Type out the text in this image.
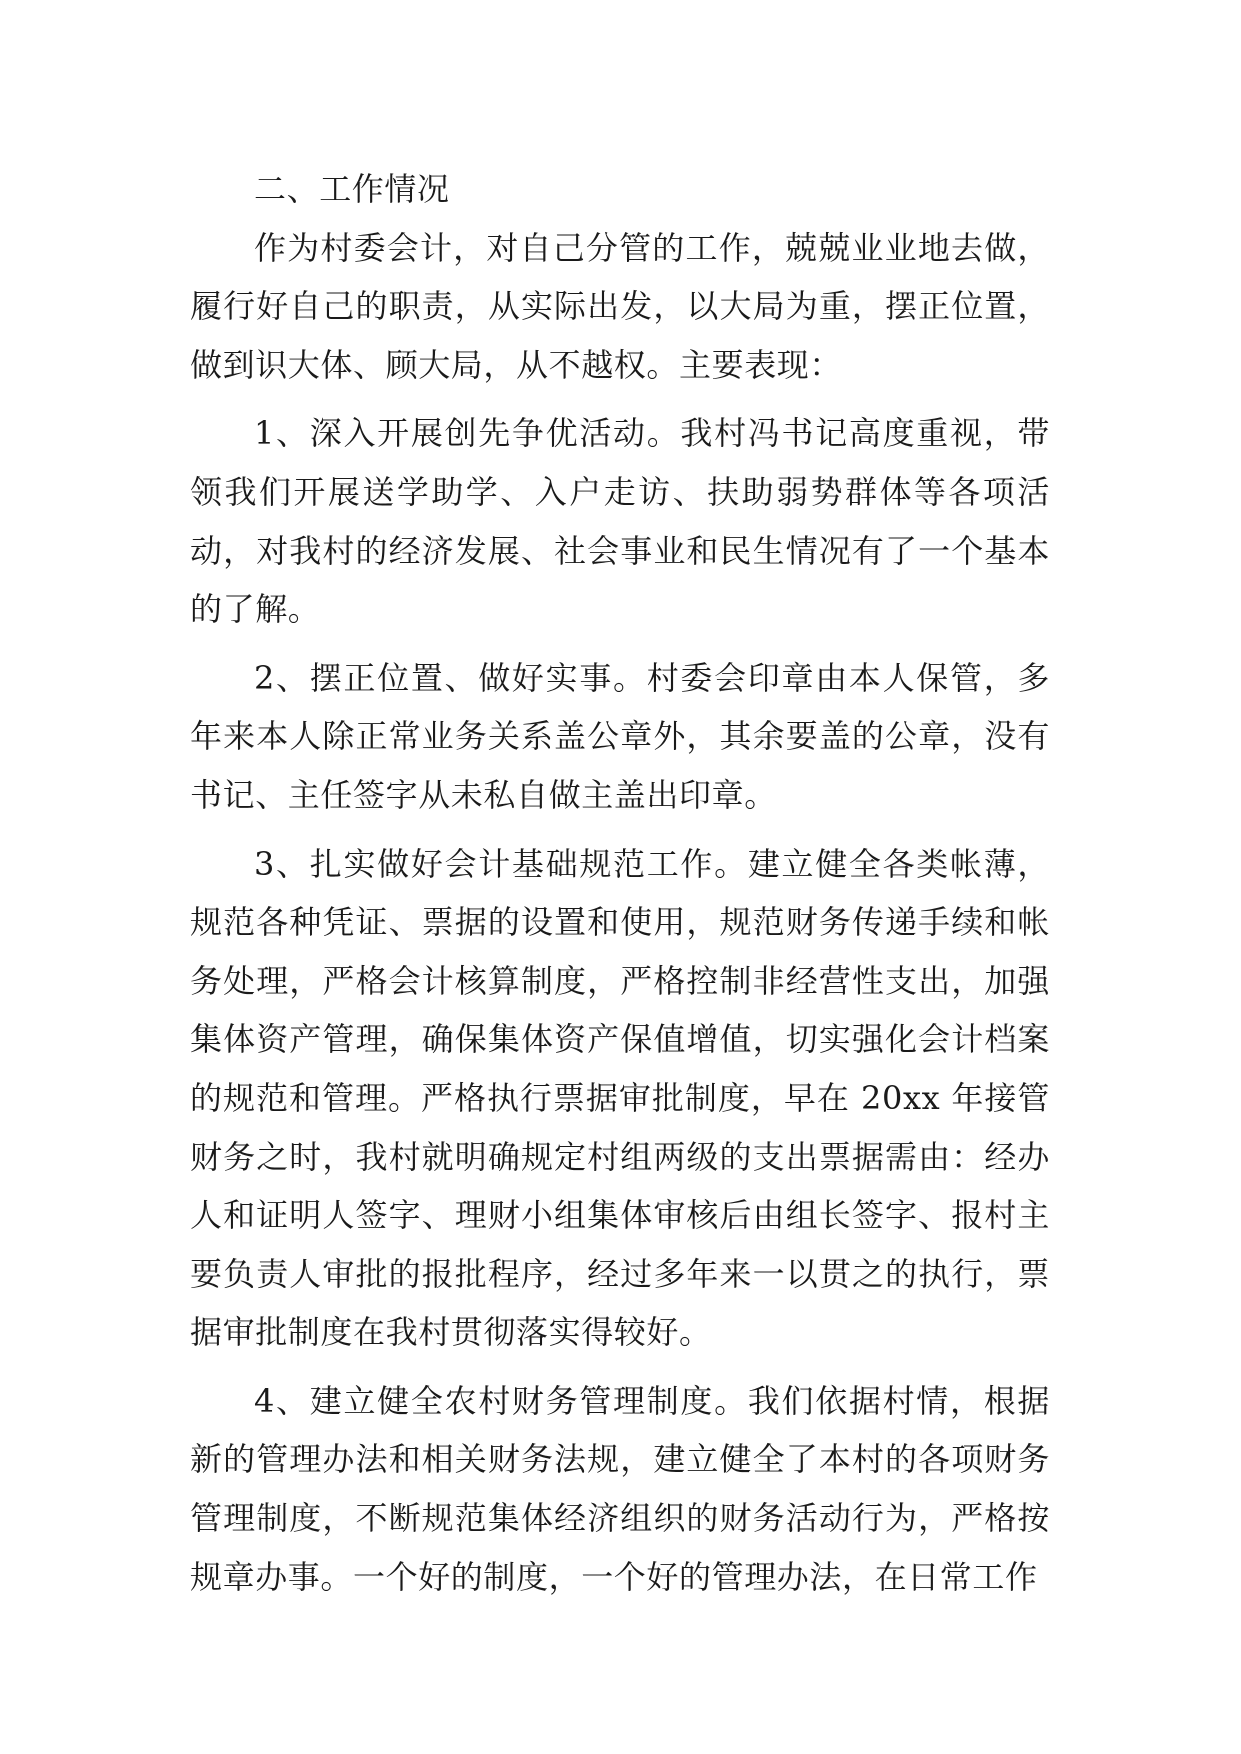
二、工作情况

作为村委会计，对自己分管的工作，兢兢业业地去做，履行好自己的职责，从实际出发，以大局为重，摆正位置，做到识大体、顾大局，从不越权。主要表现：

1、深入开展创先争优活动。我村冯书记高度重视，带领我们开展送学助学、入户走访、扶助弱势群体等各项活动，对我村的经济发展、社会事业和民生情况有了一个基本的了解。

2、摆正位置、做好实事。村委会印章由本人保管，多年来本人除正常业务关系盖公章外，其余要盖的公章，没有书记、主任签字从未私自做主盖出印章。

3、扎实做好会计基础规范工作。建立健全各类帐薄，规范各种凭证、票据的设置和使用，规范财务传递手续和帐务处理，严格会计核算制度，严格控制非经营性支出，加强集体资产管理，确保集体资产保值增值，切实强化会计档案的规范和管理。严格执行票据审批制度，早在 20xx 年接管财务之时，我村就明确规定村组两级的支出票据需由：经办人和证明人签字、理财小组集体审核后由组长签字、报村主要负责人审批的报批程序，经过多年来一以贯之的执行，票据审批制度在我村贯彻落实得较好。

4、建立健全农村财务管理制度。我们依据村情，根据新的管理办法和相关财务法规，建立健全了本村的各项财务管理制度，不断规范集体经济组织的财务活动行为，严格按规章办事。一个好的制度，一个好的管理办法，在日常工作
